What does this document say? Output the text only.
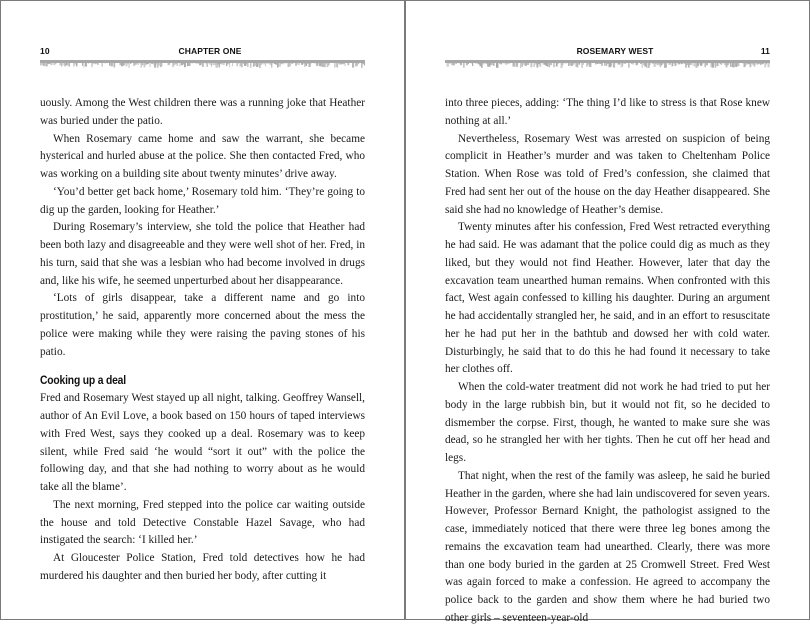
10	CHAPTER ONE

uously. Among the West children there was a running joke that Heather was buried under the patio.

When Rosemary came home and saw the warrant, she became hysterical and hurled abuse at the police. She then contacted Fred, who was working on a building site about twenty minutes’ drive away.

‘You’d better get back home,’ Rosemary told him. ‘They’re going to dig up the garden, looking for Heather.’

During Rosemary’s interview, she told the police that Heather had been both lazy and disagreeable and they were well shot of her. Fred, in his turn, said that she was a lesbian who had become involved in drugs and, like his wife, he seemed unperturbed about her disappearance.

‘Lots of girls disappear, take a different name and go into prostitution,’ he said, apparently more concerned about the mess the police were making while they were raising the paving stones of his patio.

Cooking up a deal

Fred and Rosemary West stayed up all night, talking. Geoffrey Wansell, author of An Evil Love, a book based on 150 hours of taped interviews with Fred West, says they cooked up a deal. Rosemary was to keep silent, while Fred said ‘he would “sort it out” with the police the following day, and that she had nothing to worry about as he would take all the blame’.

The next morning, Fred stepped into the police car waiting outside the house and told Detective Constable Hazel Savage, who had instigated the search: ‘I killed her.’

At Gloucester Police Station, Fred told detectives how he had murdered his daughter and then buried her body, after cutting it

ROSEMARY WEST	11

into three pieces, adding: ‘The thing I’d like to stress is that Rose knew nothing at all.’

Nevertheless, Rosemary West was arrested on suspicion of being complicit in Heather’s murder and was taken to Cheltenham Police Station. When Rose was told of Fred’s confession, she claimed that Fred had sent her out of the house on the day Heather disappeared. She said she had no knowledge of Heather’s demise.

Twenty minutes after his confession, Fred West retracted everything he had said. He was adamant that the police could dig as much as they liked, but they would not find Heather. However, later that day the excavation team unearthed human remains. When confronted with this fact, West again confessed to killing his daughter. During an argument he had accidentally strangled her, he said, and in an effort to resuscitate her he had put her in the bathtub and dowsed her with cold water. Disturbingly, he said that to do this he had found it necessary to take her clothes off.

When the cold-water treatment did not work he had tried to put her body in the large rubbish bin, but it would not fit, so he decided to dismember the corpse. First, though, he wanted to make sure she was dead, so he strangled her with her tights. Then he cut off her head and legs.

That night, when the rest of the family was asleep, he said he buried Heather in the garden, where she had lain undiscovered for seven years. However, Professor Bernard Knight, the pathologist assigned to the case, immediately noticed that there were three leg bones among the remains the excavation team had unearthed. Clearly, there was more than one body buried in the garden at 25 Cromwell Street. Fred West was again forced to make a confession. He agreed to accompany the police back to the garden and show them where he had buried two other girls – seventeen-year-old
